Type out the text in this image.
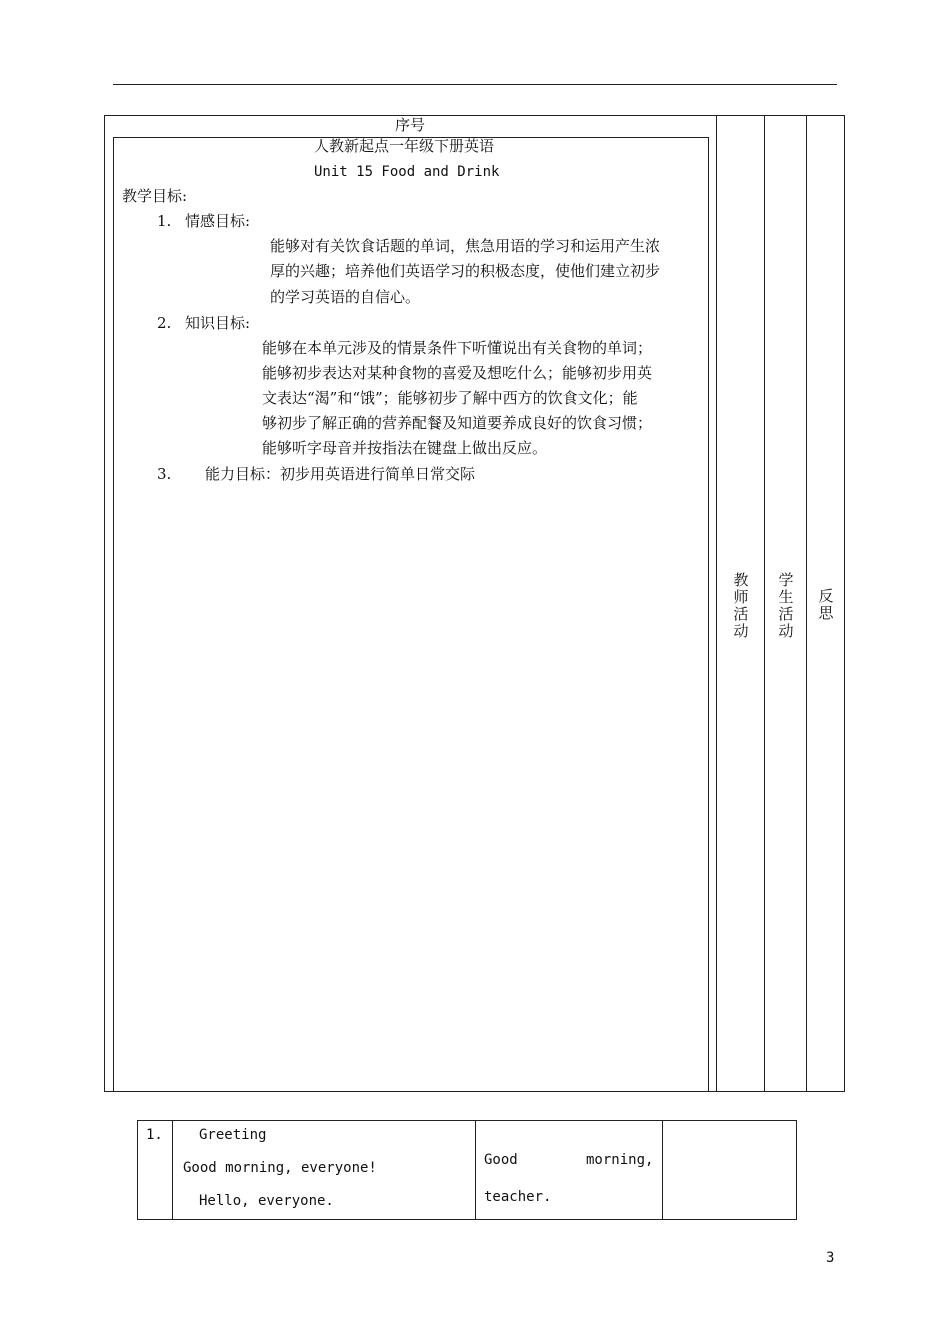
序号
人教新起点一年级下册英语
Unit 15 Food and Drink
教学目标:
1. 情感目标:
能够对有关饮食话题的单词，焦急用语的学习和运用产生浓
厚的兴趣；培养他们英语学习的积极态度，使他们建立初步
的学习英语的自信心。
2. 知识目标:
能够在本单元涉及的情景条件下听懂说出有关食物的单词；
能够初步表达对某种食物的喜爱及想吃什么；能够初步用英
文表达“渴”和“饿”；能够初步了解中西方的饮食文化；能
够初步了解正确的营养配餐及知道要养成良好的饮食习惯；
能够听字母音并按指法在键盘上做出反应。
3. 能力目标：初步用英语进行简单日常交际
教师活动
学生活动
反思
1.	Greeting
Good morning, everyone!
Hello, everyone.
Good	morning,
teacher.
3
